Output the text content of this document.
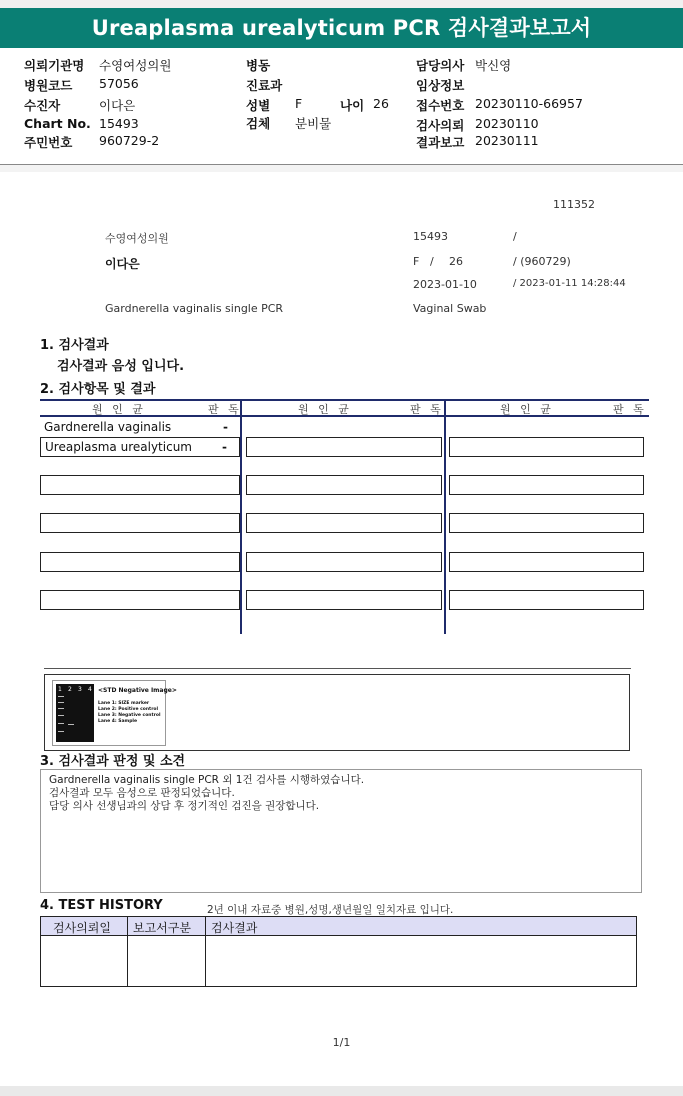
Ureaplasma urealyticum PCR 검사결과보고서
의뢰기관명 수영여성의원
병원코드 57056
수진자	이다은
Chart No. 15493
주민번호 960729-2
병동
진료과
성별 F	나이 26
검체 분비물
담당의사 박신영
임상정보
접수번호 20230110-66957
검사의뢰 20230110
결과보고 20230111
111352
수영여성의원	15493	/
이다은	F / 26	/ (960729)
2023-01-10	/ 2023-01-11 14:28:44
Gardnerella vaginalis single PCR	Vaginal Swab
1. 검사결과
검사결과 음성 입니다.
2. 검사항목 및 결과
원 인 균	판 독	원 인 균	판 독	원 인 균	판 독
Gardnerella vaginalis	-
Ureaplasma urealyticum	-
1 2 3 4 <STD Negative Image>
Lane 1: SIZE marker
Lane 2: Positive control
Lane 3: Negative control
Lane 4: Sample
3. 검사결과 판정 및 소견
Gardnerella vaginalis single PCR 외 1건 검사를 시행하였습니다.
검사결과 모두 음성으로 판정되었습니다.
담당 의사 선생님과의 상담 후 정기적인 검진을 권장합니다.
4. TEST HISTORY	2년 이내 자료중 병원,성명,생년월일 일치자료 입니다.
검사의뢰일 보고서구분 검사결과
1/1
